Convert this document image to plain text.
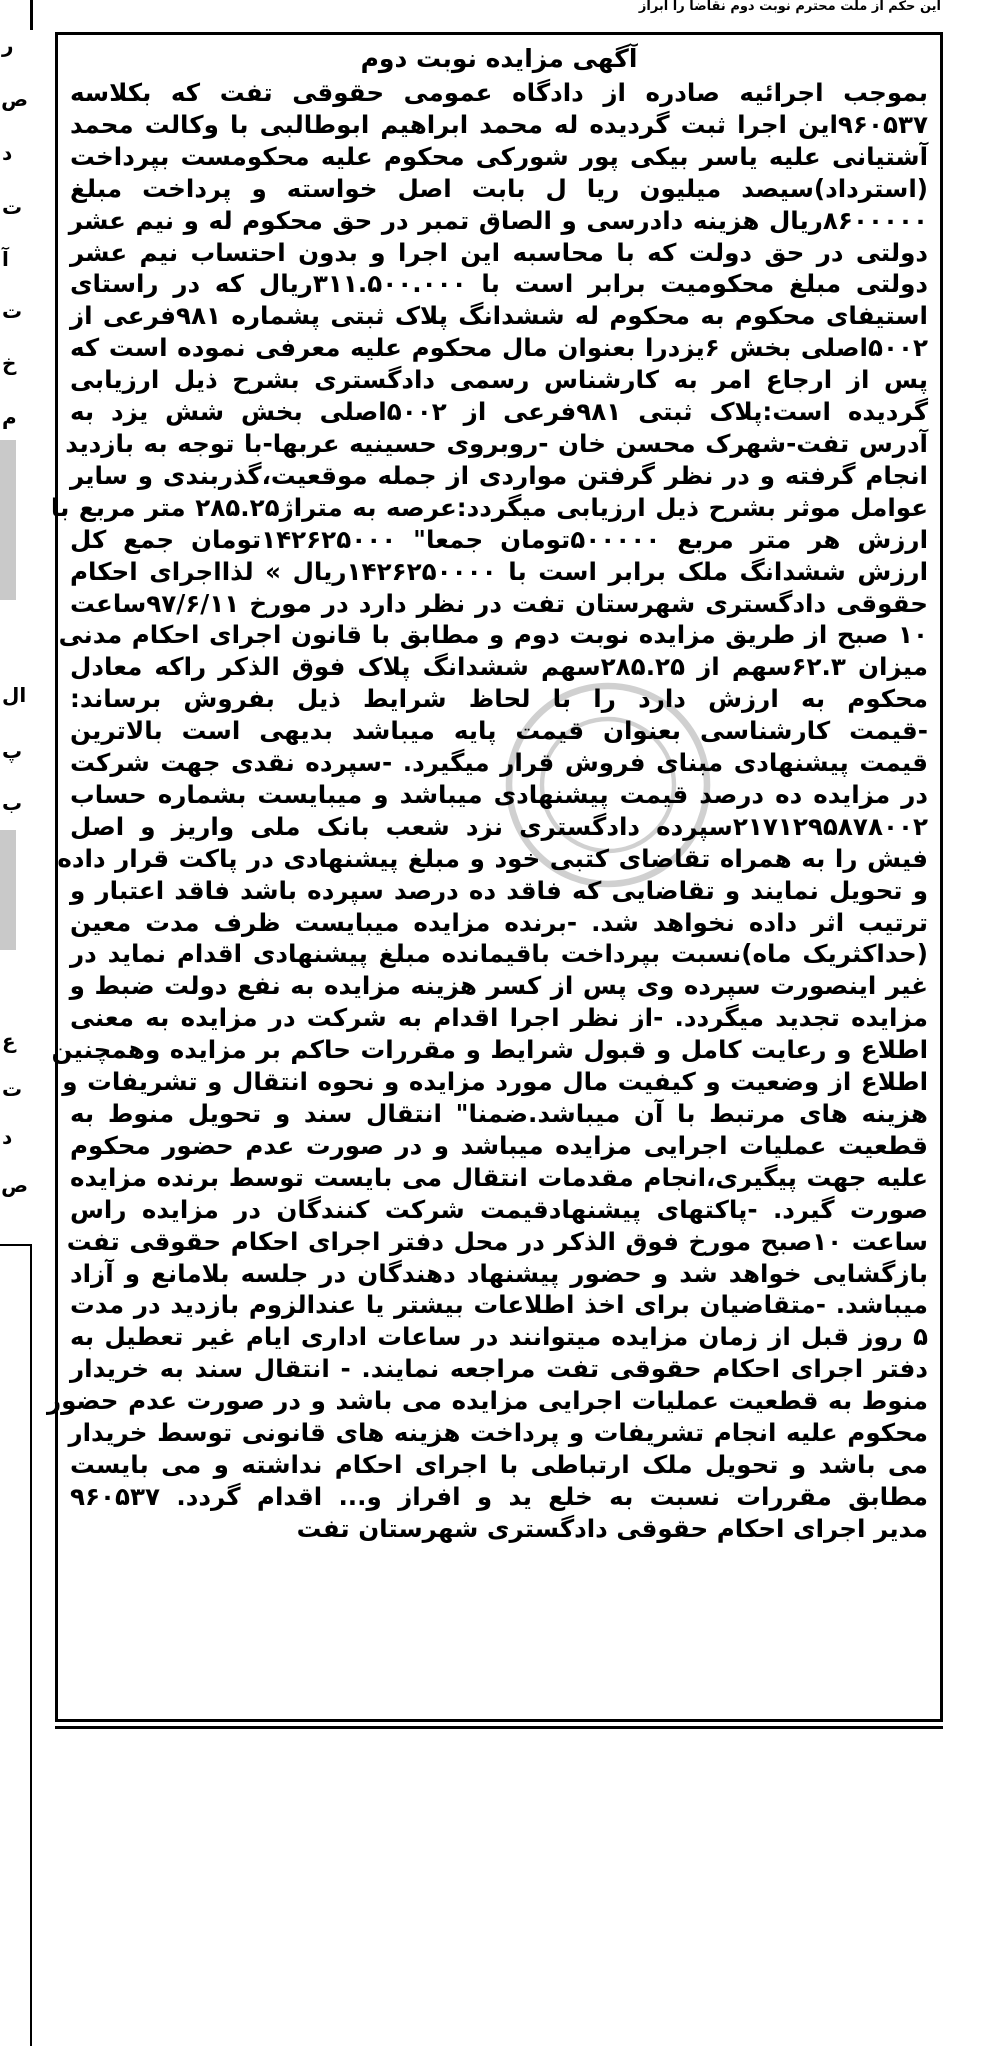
این حکم از ملت محترم نوبت دوم نقاضا را ابراز
ر
ص
د
ت
آ
ت
خ
م
ال
پ
ب
ع
ت
د
ص
آگهی مزایده نوبت دوم
بموجب اجرائیه صادره از دادگاه عمومی حقوقی تفت که بکلاسه
۹۶۰۵۳۷این اجرا ثبت گردیده له محمد ابراهیم ابوطالبی با وکالت محمد
آشتیانی علیه یاسر بیکی پور شورکی محکوم علیه محکومست بپرداخت
(استرداد)سیصد میلیون ریا ل بابت اصل خواسته و پرداخت مبلغ
۸۶۰۰۰۰۰ریال هزینه دادرسی و الصاق تمبر در حق محکوم له و نیم عشر
دولتی در حق دولت که با محاسبه این اجرا و بدون احتساب نیم عشر
دولتی مبلغ محکومیت برابر است با ۳۱۱.۵۰۰.۰۰۰ریال که در راستای
استیفای محکوم به محکوم له ششدانگ پلاک ثبتی پشماره ۹۸۱فرعی از
۵۰۰۲اصلی بخش ۶یزدرا بعنوان مال محکوم علیه معرفی نموده است که
پس از ارجاع امر به کارشناس رسمی دادگستری بشرح ذیل ارزیابی
گردیده است:پلاک ثبتی ۹۸۱فرعی از ۵۰۰۲اصلی بخش شش یزد به
آدرس تفت-شهرک محسن خان -روبروی حسینیه عربها-با توجه به بازدید
انجام گرفته و در نظر گرفتن مواردی از جمله موقعیت،گذربندی و سایر
عوامل موثر بشرح ذیل ارزیابی میگردد:عرصه به متراژ۲۸۵.۲۵ متر مربع با
ارزش هر متر مربع ۵۰۰۰۰۰تومان جمعا" ۱۴۲۶۲۵۰۰۰تومان جمع کل
ارزش ششدانگ ملک برابر است با ۱۴۲۶۲۵۰۰۰۰ریال » لذااجرای احکام
حقوقی دادگستری شهرستان تفت در نظر دارد در مورخ ۹۷/۶/۱۱ساعت
۱۰ صبح از طریق مزایده نوبت دوم و مطابق با قانون اجرای احکام مدنی
میزان ۶۲.۳سهم از ۲۸۵.۲۵سهم ششدانگ پلاک فوق الذکر راکه معادل
محکوم به ارزش دارد را با لحاظ شرایط ذیل بفروش برساند:
-قیمت کارشناسی بعنوان قیمت پایه میباشد بدیهی است بالاترین
قیمت پیشنهادی مبنای فروش قرار میگیرد. -سپرده نقدی جهت شرکت
در مزایده ده درصد قیمت پیشنهادی میباشد و میبایست بشماره حساب
۲۱۷۱۲۹۵۸۷۸۰۰۲سپرده دادگستری نزد شعب بانک ملی واریز و اصل
فیش را به همراه تقاضای کتبی خود و مبلغ پیشنهادی در پاکت قرار داده
و تحویل نمایند و تقاضایی که فاقد ده درصد سپرده باشد فاقد اعتبار و
ترتیب اثر داده نخواهد شد. -برنده مزایده میبایست ظرف مدت معین
(حداکثریک ماه)نسبت بپرداخت باقیمانده مبلغ پیشنهادی اقدام نماید در
غیر اینصورت سپرده وی پس از کسر هزینه مزایده به نفع دولت ضبط و
مزایده تجدید میگردد. -از نظر اجرا اقدام به شرکت در مزایده به معنی
اطلاع و رعایت کامل و قبول شرایط و مقررات حاکم بر مزایده وهمچنین
اطلاع از وضعیت و کیفیت مال مورد مزایده و نحوه انتقال و تشریفات و
هزینه های مرتبط با آن میباشد.ضمنا" انتقال سند و تحویل منوط به
قطعیت عملیات اجرایی مزایده میباشد و در صورت عدم حضور محکوم
علیه جهت پیگیری،انجام مقدمات انتقال می بایست توسط برنده مزایده
صورت گیرد. -پاکتهای پیشنهادقیمت شرکت کنندگان در مزایده راس
ساعت ۱۰صبح مورخ فوق الذکر در محل دفتر اجرای احکام حقوقی تفت
بازگشایی خواهد شد و حضور پیشنهاد دهندگان در جلسه بلامانع و آزاد
میباشد. -متقاضیان برای اخذ اطلاعات بیشتر یا عندالزوم بازدید در مدت
۵ روز قبل از زمان مزایده میتوانند در ساعات اداری ایام غیر تعطیل به
دفتر اجرای احکام حقوقی تفت مراجعه نمایند. - انتقال سند به خریدار
منوط به قطعیت عملیات اجرایی مزایده می باشد و در صورت عدم حضور
محکوم علیه انجام تشریفات و پرداخت هزینه های قانونی توسط خریدار
می باشد و تحویل ملک ارتباطی با اجرای احکام نداشته و می بایست
مطابق مقررات نسبت به خلع ید و افراز و... اقدام گردد. ۹۶۰۵۳۷
مدیر اجرای احکام حقوقی دادگستری شهرستان تفت
